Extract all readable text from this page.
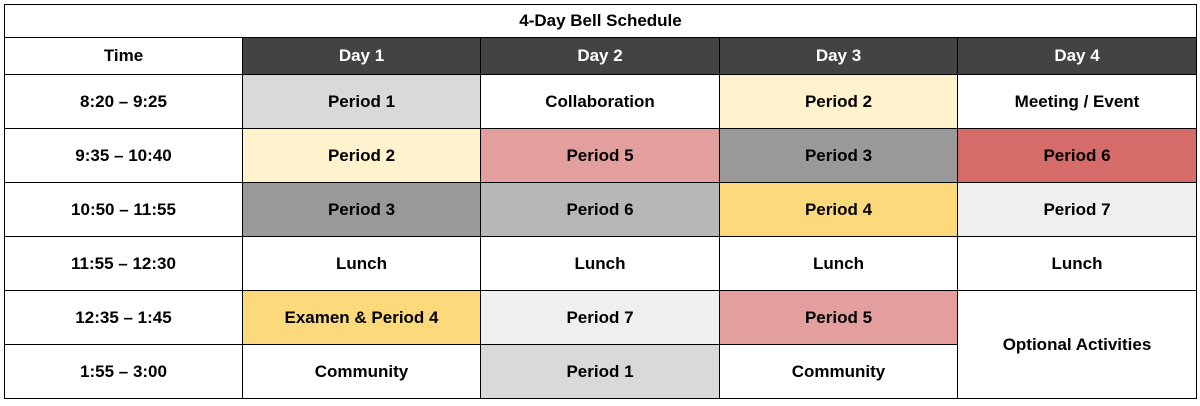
4-Day Bell Schedule				
Time	Day 1	Day 2	Day 3	Day 4
8:20 – 9:25	Period 1	Collaboration	Period 2	Meeting / Event
9:35 – 10:40	Period 2	Period 5	Period 3	Period 6
10:50 – 11:55	Period 3	Period 6	Period 4	Period 7
11:55 – 12:30	Lunch	Lunch	Lunch	Lunch
12:35 – 1:45	Examen & Period 4	Period 7	Period 5	Optional Activities
1:55 – 3:00	Community	Period 1	Community	
